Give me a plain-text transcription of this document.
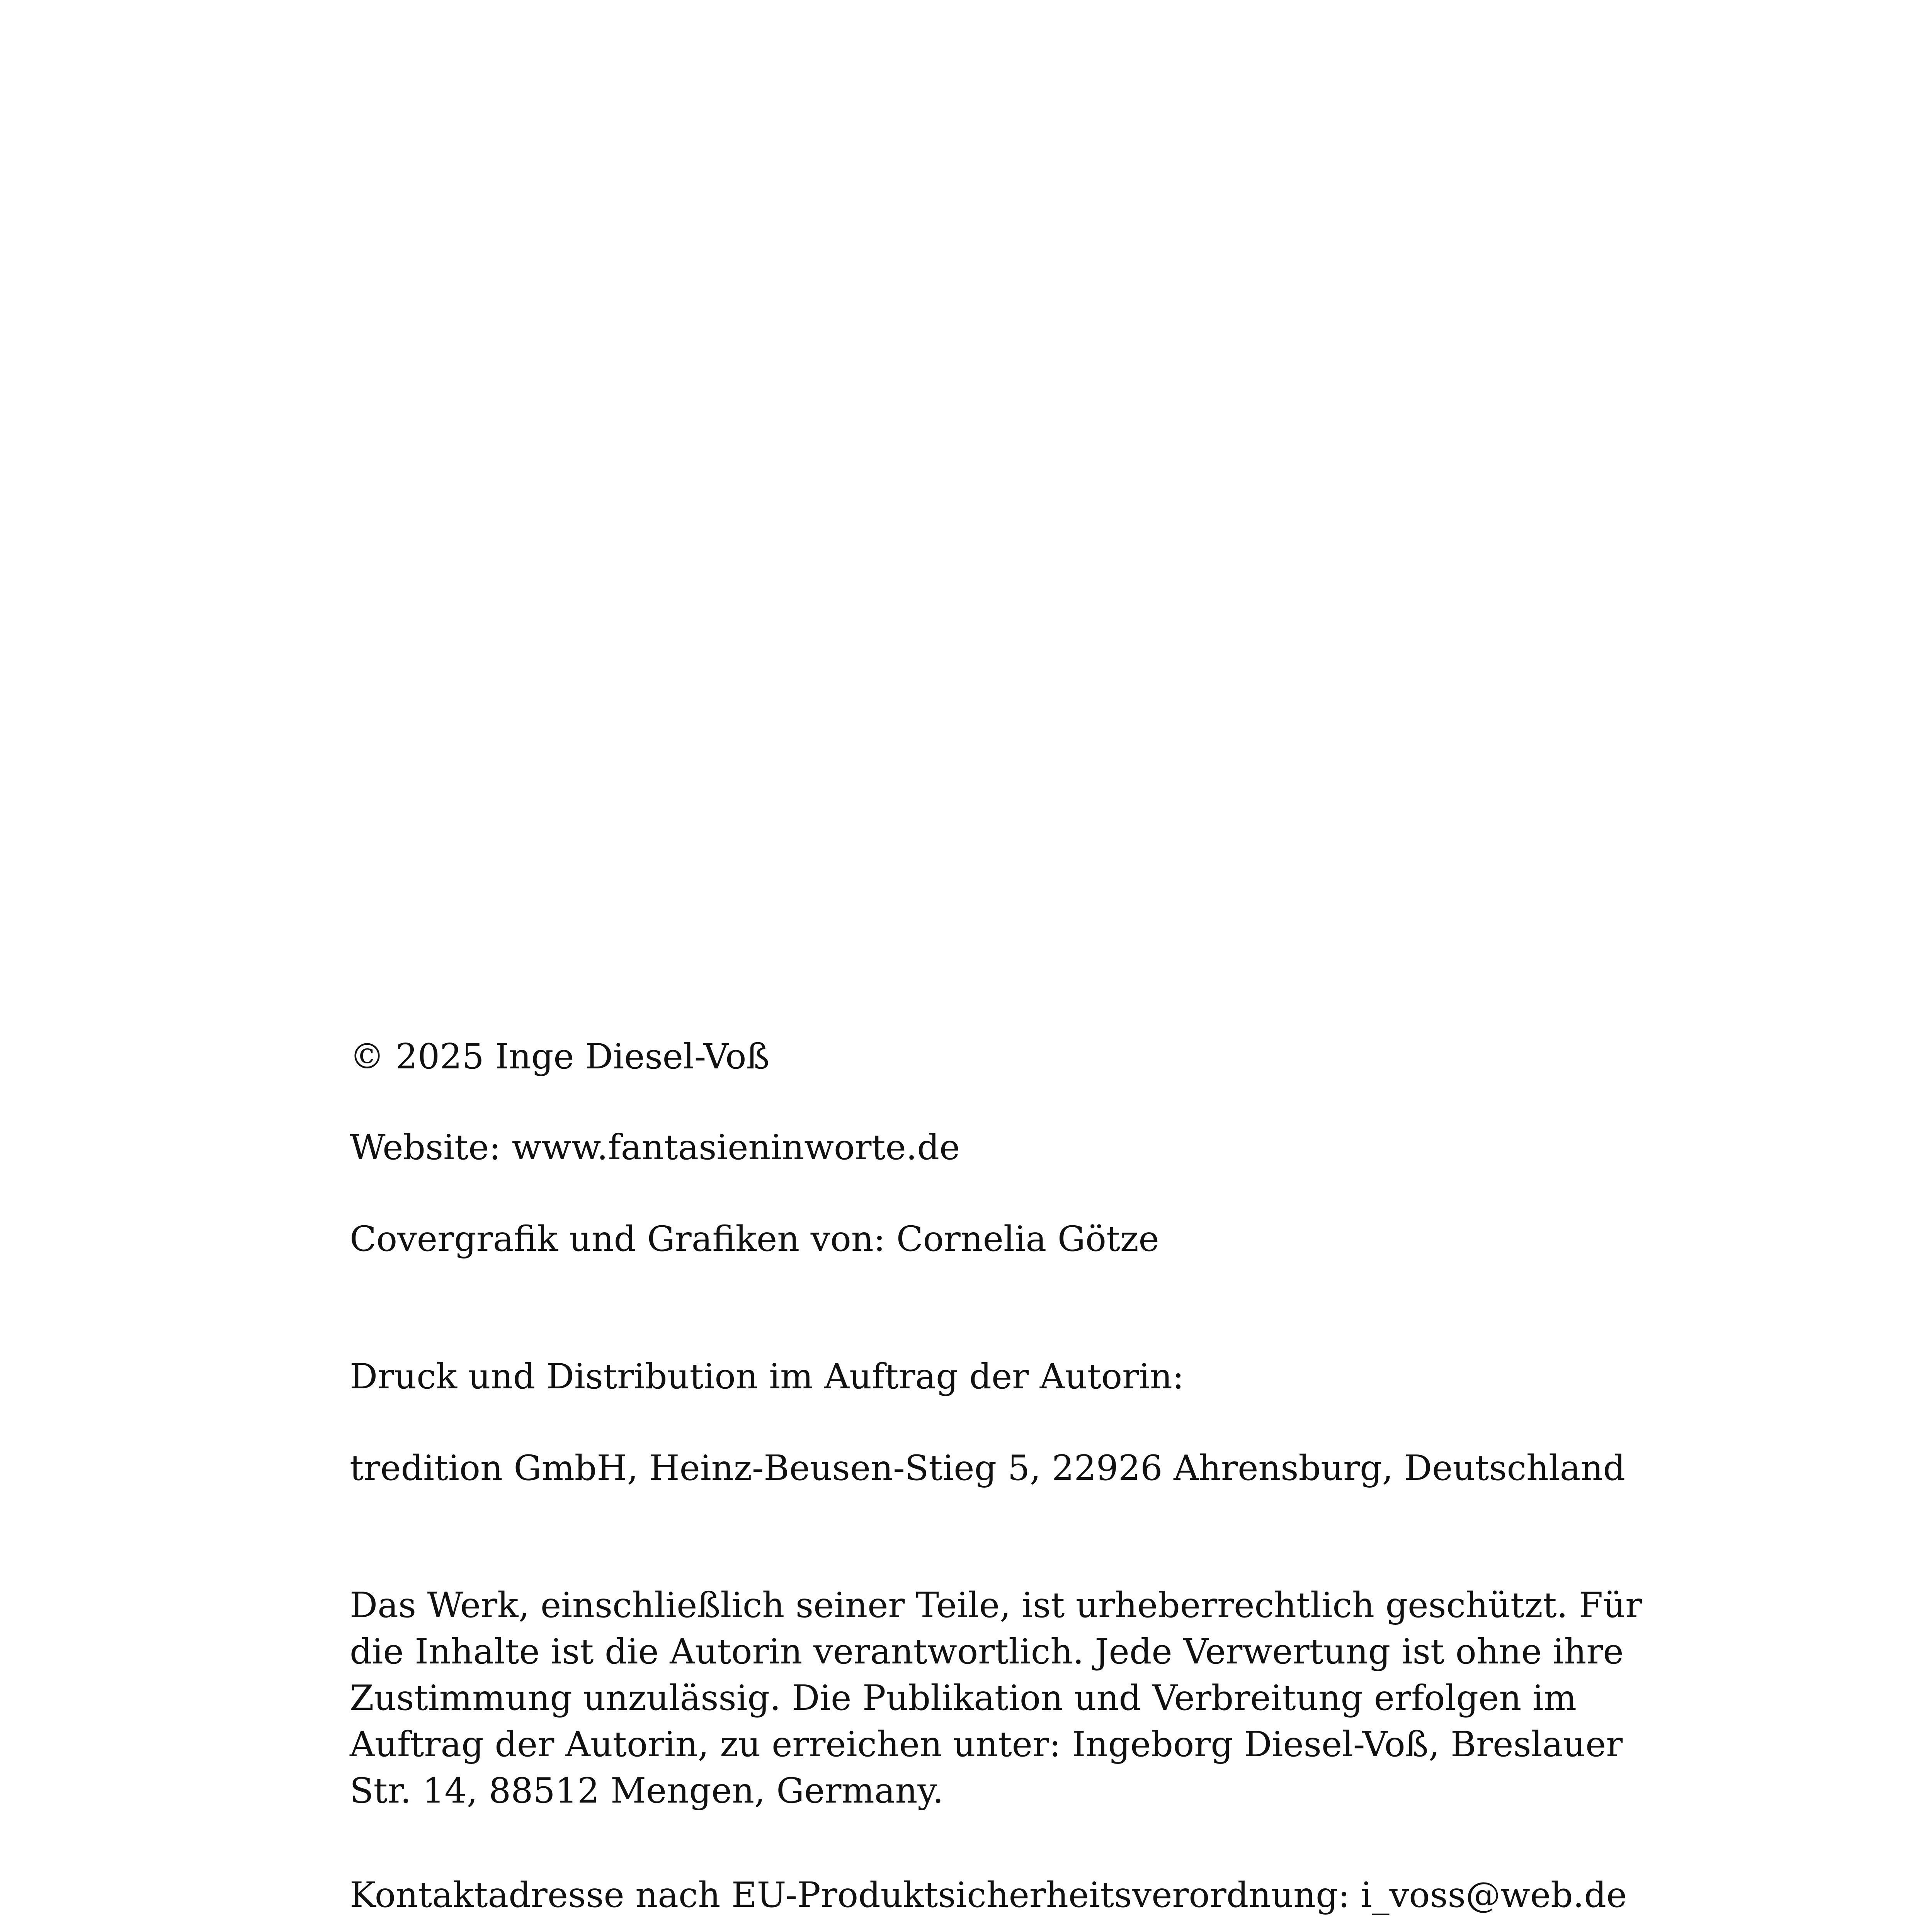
© 2025 Inge Diesel-Voß

Website: www.fantasieninworte.de

Covergrafik und Grafiken von: Cornelia Götze

Druck und Distribution im Auftrag der Autorin:

tredition GmbH, Heinz-Beusen-Stieg 5, 22926 Ahrensburg, Deutschland

Das Werk, einschließlich seiner Teile, ist urheberrechtlich geschützt. Für
die Inhalte ist die Autorin verantwortlich. Jede Verwertung ist ohne ihre
Zustimmung unzulässig. Die Publikation und Verbreitung erfolgen im
Auftrag der Autorin, zu erreichen unter: Ingeborg Diesel-Voß, Breslauer
Str. 14, 88512 Mengen, Germany.

Kontaktadresse nach EU-Produktsicherheitsverordnung: i_voss@web.de
